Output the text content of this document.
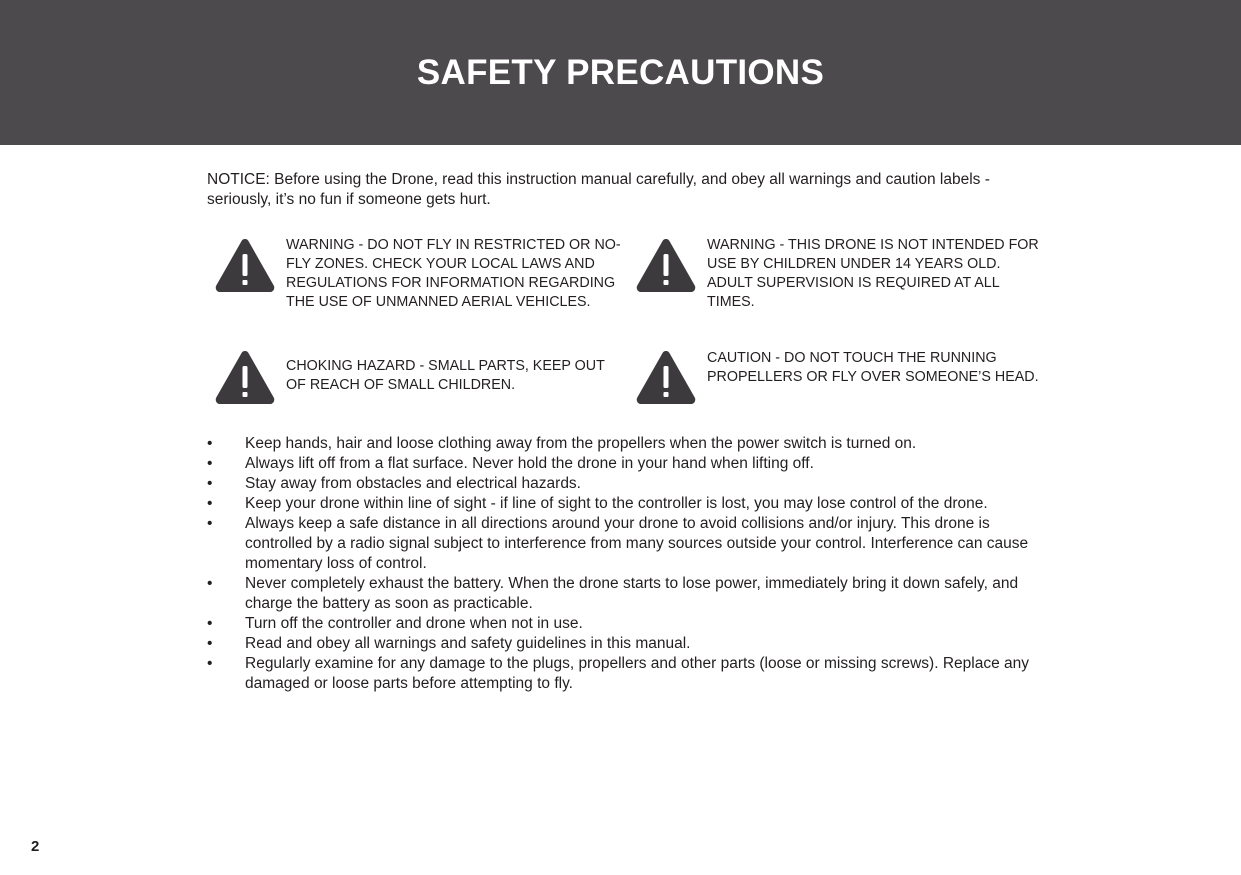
SAFETY PRECAUTIONS

NOTICE: Before using the Drone, read this instruction manual carefully, and obey all warnings and caution labels - seriously, it’s no fun if someone gets hurt.

WARNING - DO NOT FLY IN RESTRICTED OR NO-FLY ZONES. CHECK YOUR LOCAL LAWS AND REGULATIONS FOR INFORMATION REGARDING THE USE OF UNMANNED AERIAL VEHICLES.

WARNING - THIS DRONE IS NOT INTENDED FOR USE BY CHILDREN UNDER 14 YEARS OLD. ADULT SUPERVISION IS REQUIRED AT ALL TIMES.

CHOKING HAZARD - SMALL PARTS, KEEP OUT OF REACH OF SMALL CHILDREN.

CAUTION - DO NOT TOUCH THE RUNNING PROPELLERS OR FLY OVER SOMEONE’S HEAD.

• Keep hands, hair and loose clothing away from the propellers when the power switch is turned on.
• Always lift off from a flat surface. Never hold the drone in your hand when lifting off.
• Stay away from obstacles and electrical hazards.
• Keep your drone within line of sight - if line of sight to the controller is lost, you may lose control of the drone.
• Always keep a safe distance in all directions around your drone to avoid collisions and/or injury. This drone is controlled by a radio signal subject to interference from many sources outside your control. Interference can cause momentary loss of control.
• Never completely exhaust the battery. When the drone starts to lose power, immediately bring it down safely, and charge the battery as soon as practicable.
• Turn off the controller and drone when not in use.
• Read and obey all warnings and safety guidelines in this manual.
• Regularly examine for any damage to the plugs, propellers and other parts (loose or missing screws). Replace any damaged or loose parts before attempting to fly.

2
